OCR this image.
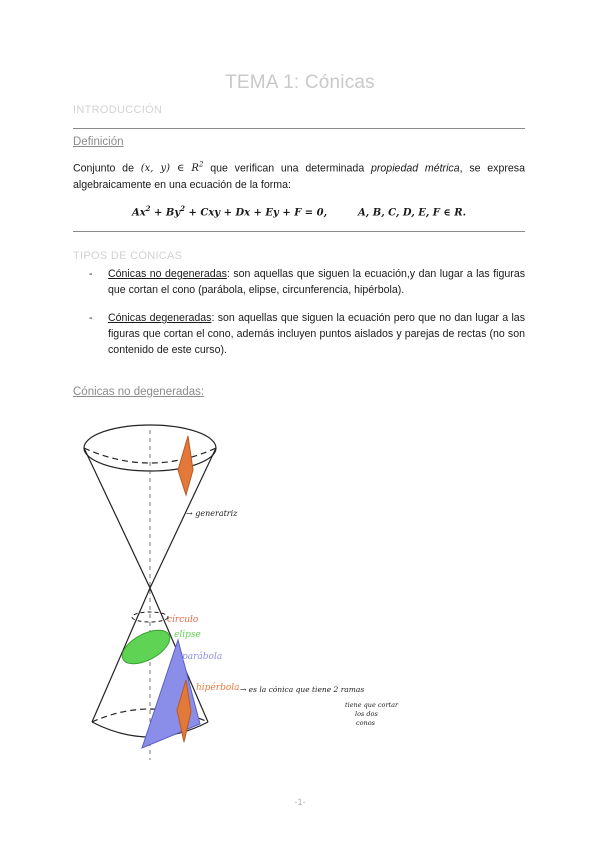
TEMA 1: Cónicas
INTRODUCCIÓN
Definición
Conjunto de (x, y) ∈ $R^2$ que verifican una determinada propiedad métrica, se expresa algebraicamente en una ecuación de la forma:
$Ax^2 + By^2$ + Cxy + Dx + Ey + F = 0,	A, B, C, D, E, F ∈ R.
TIPOS DE CÓNICAS
- Cónicas no degeneradas: son aquellas que siguen la ecuación,y dan lugar a las figuras que cortan el cono (parábola, elipse, circunferencia, hipérbola).
- Cónicas degeneradas: son aquellas que siguen la ecuación pero que no dan lugar a las figuras que cortan el cono, además incluyen puntos aislados y parejas de rectas (no son contenido de este curso).
Cónicas no degeneradas:
→ generatriz
círculo
elipse
parábola
hipérbola → es la cónica que tiene 2 ramas
tiene que cortar
los dos
conos
-1-
